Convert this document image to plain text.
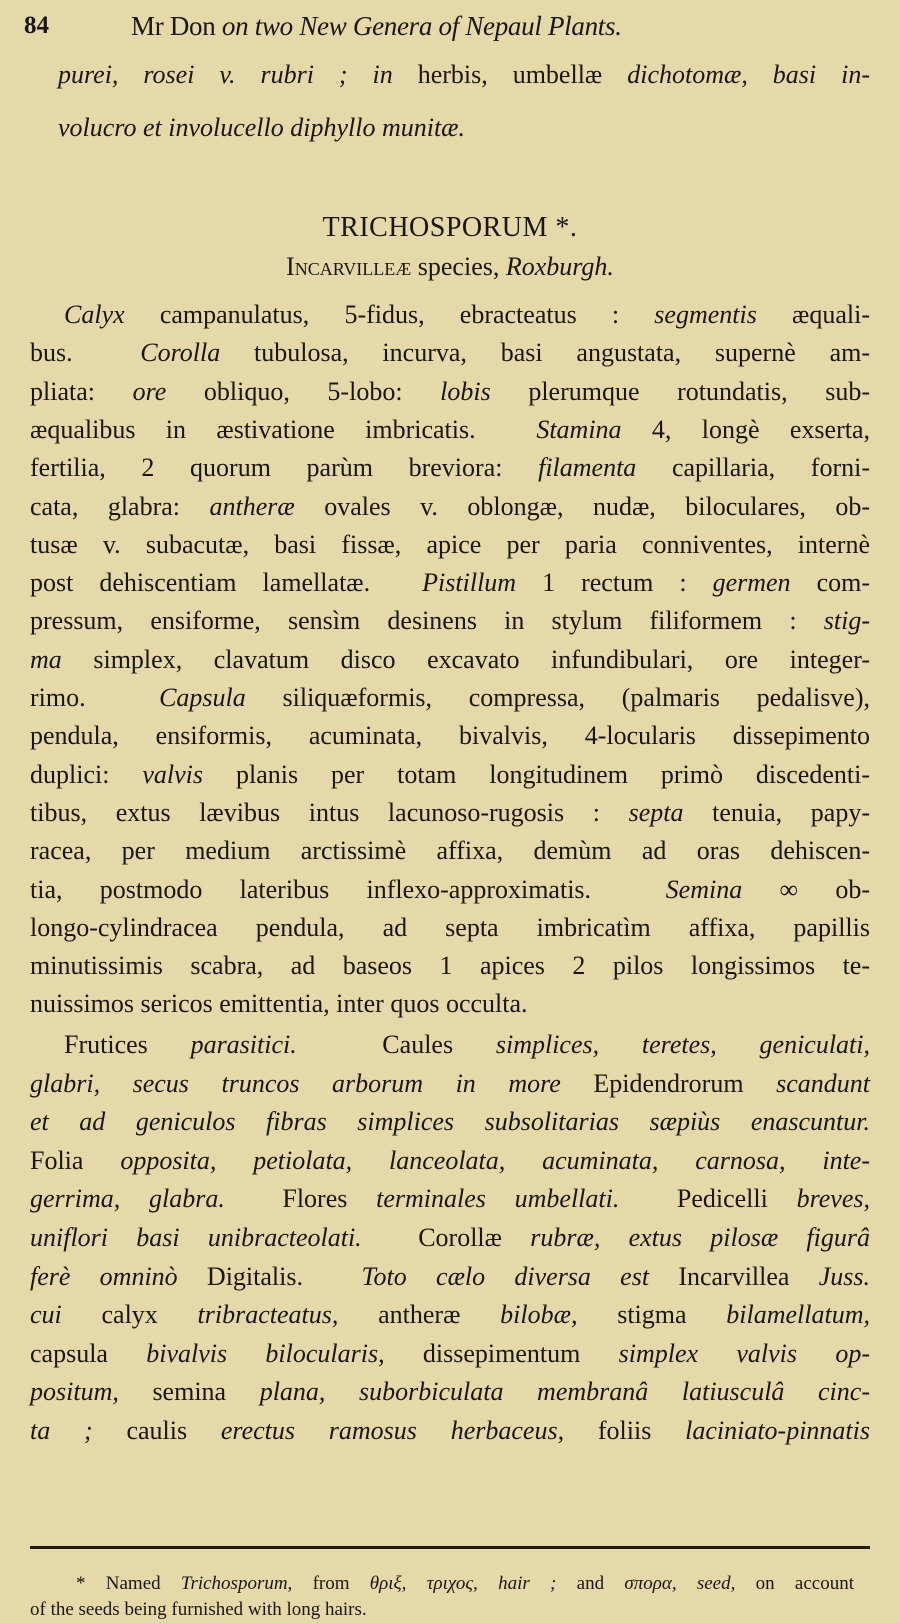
84	Mr Don on two New Genera of Nepaul Plants.
purei, rosei v. rubri ; in herbis, umbellæ dichotomæ, basi in-
volucro et involucello diphyllo munitæ.
TRICHOSPORUM *.
Incarvilleæ species, Roxburgh.
Calyx campanulatus, 5-fidus, ebracteatus : segmentis æquali-
bus.  Corolla tubulosa, incurva, basi angustata, supernè am-
pliata: ore obliquo, 5-lobo: lobis plerumque rotundatis, sub-
æqualibus in æstivatione imbricatis.  Stamina 4, longè exserta,
fertilia, 2 quorum parùm breviora: filamenta capillaria, forni-
cata, glabra: antheræ ovales v. oblongæ, nudæ, biloculares, ob-
tusæ v. subacutæ, basi fissæ, apice per paria conniventes, internè
post dehiscentiam lamellatæ.  Pistillum 1 rectum : germen com-
pressum, ensiforme, sensìm desinens in stylum filiformem : stig-
ma simplex, clavatum disco excavato infundibulari, ore integer-
rimo.  Capsula siliquæformis, compressa, (palmaris pedalisve),
pendula, ensiformis, acuminata, bivalvis, 4-locularis dissepimento
duplici: valvis planis per totam longitudinem primò discedenti-
tibus, extus lævibus intus lacunoso-rugosis : septa tenuia, papy-
racea, per medium arctissimè affixa, demùm ad oras dehiscen-
tia, postmodo lateribus inflexo-approximatis.  Semina ∞ ob-
longo-cylindracea pendula, ad septa imbricatìm affixa, papillis
minutissimis scabra, ad baseos 1 apices 2 pilos longissimos te-
nuissimos sericos emittentia, inter quos occulta.
Frutices parasitici.  Caules simplices, teretes, geniculati,
glabri, secus truncos arborum in more Epidendrorum scandunt
et ad geniculos fibras simplices subsolitarias sæpiùs enascuntur.
Folia opposita, petiolata, lanceolata, acuminata, carnosa, inte-
gerrima, glabra.  Flores terminales umbellati.  Pedicelli breves,
uniflori basi unibracteolati.  Corollæ rubræ, extus pilosæ figurâ
ferè omninò Digitalis.  Toto cælo diversa est Incarvillea Juss.
cui calyx tribracteatus, antheræ bilobæ, stigma bilamellatum,
capsula bivalvis bilocularis, dissepimentum simplex valvis op-
positum, semina plana, suborbiculata membranâ latiusculâ cinc-
ta ; caulis erectus ramosus herbaceus, foliis laciniato-pinnatis
* Named Trichosporum, from θριξ, τριχος, hair ; and σπορα, seed, on account
of the seeds being furnished with long hairs.
